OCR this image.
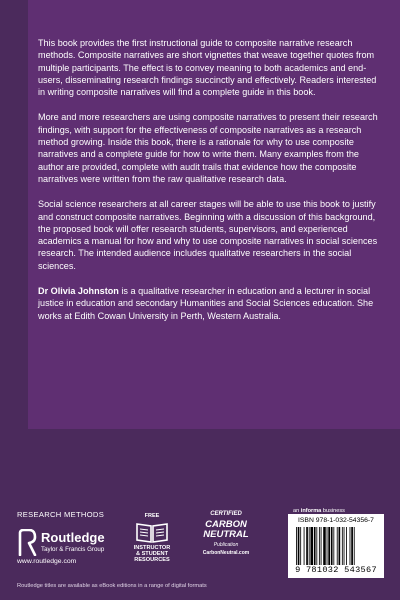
This book provides the first instructional guide to composite narrative research methods. Composite narratives are short vignettes that weave together quotes from multiple participants. The effect is to convey meaning to both academics and end-users, disseminating research findings succinctly and effectively. Readers interested in writing composite narratives will find a complete guide in this book.

More and more researchers are using composite narratives to present their research findings, with support for the effectiveness of composite narratives as a research method growing. Inside this book, there is a rationale for why to use composite narratives and a complete guide for how to write them. Many examples from the author are provided, complete with audit trails that evidence how the composite narratives were written from the raw qualitative research data.

Social science researchers at all career stages will be able to use this book to justify and construct composite narratives. Beginning with a discussion of this background, the proposed book will offer research students, supervisors, and experienced academics a manual for how and why to use composite narratives in social sciences research. The intended audience includes qualitative researchers in the social sciences.

Dr Olivia Johnston is a qualitative researcher in education and a lecturer in social justice in education and secondary Humanities and Social Sciences education. She works at Edith Cowan University in Perth, Western Australia.

RESEARCH METHODS
Routledge
Taylor & Francis Group
www.routledge.com
FREE
INSTRUCTOR
& STUDENT
RESOURCES
CERTIFIED
CARBON
NEUTRAL
Publication
CarbonNeutral.com
an informa business
ISBN 978-1-032-54356-7
9 781032 543567
Routledge titles are available as eBook editions in a range of digital formats
